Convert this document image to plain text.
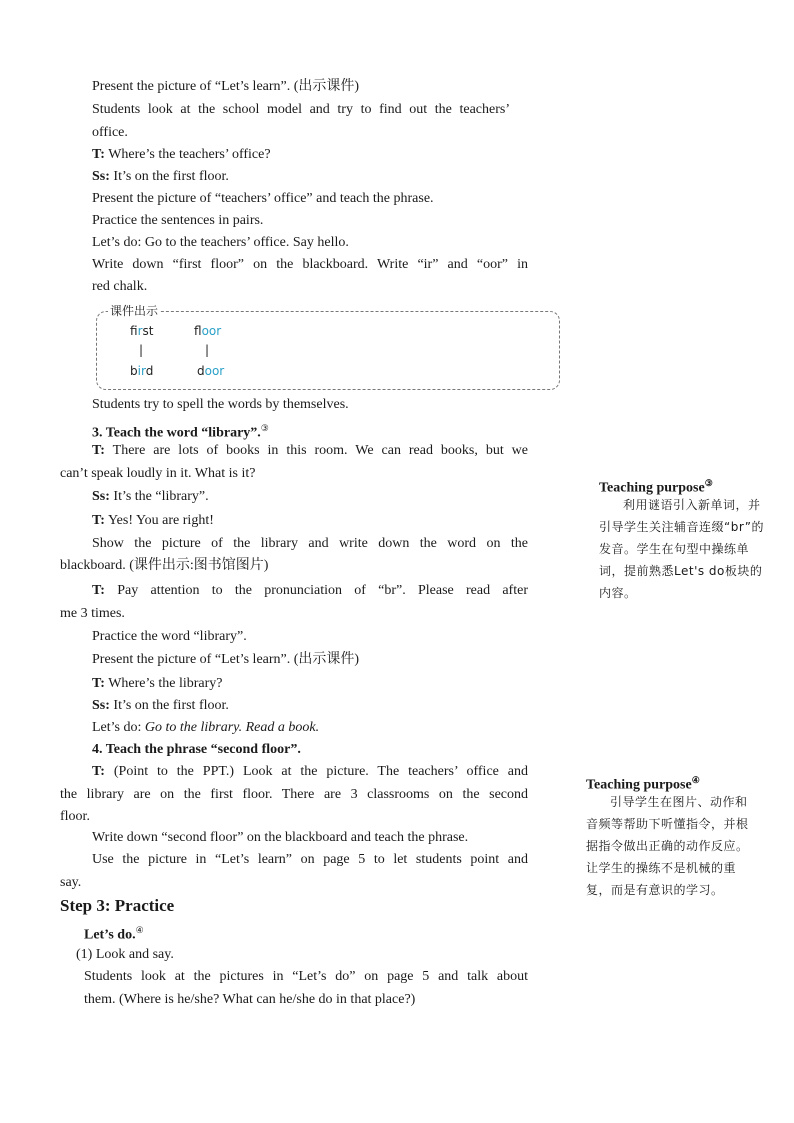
Present the picture of “Let’s learn”. (出示课件)
Students look at the school model and try to find out the teachers’
office.
T: Where’s the teachers’ office?
Ss: It’s on the first floor.
Present the picture of “teachers’ office” and teach the phrase.
Practice the sentences in pairs.
Let’s do: Go to the teachers’ office. Say hello.
Write down “first floor” on the blackboard. Write “ir” and “oor” in
red chalk.
课件出示
first	floor
|	|
bird	door
Students try to spell the words by themselves.
3. Teach the word “library”.③
T: There are lots of books in this room. We can read books, but we
can’t speak loudly in it. What is it?
Ss: It’s the “library”.
T: Yes! You are right!
Show the picture of the library and write down the word on the
blackboard. (课件出示:图书馆图片)
T: Pay attention to the pronunciation of “br”. Please read after
me 3 times.
Practice the word “library”.
Present the picture of “Let’s learn”. (出示课件)
T: Where’s the library?
Ss: It’s on the first floor.
Let’s do: Go to the library. Read a book.
4. Teach the phrase “second floor”.
T: (Point to the PPT.) Look at the picture. The teachers’ office and
the library are on the first floor. There are 3 classrooms on the second
floor.
Write down “second floor” on the blackboard and teach the phrase.
Use the picture in “Let’s learn” on page 5 to let students point and
say.
Step 3: Practice
Let’s do.④
(1) Look and say.
Students look at the pictures in “Let’s do” on page 5 and talk about
them. (Where is he/she? What can he/she do in that place?)
Teaching purpose③
利用谜语引入新单词，并引导学生关注辅音连缀“br”的发音。学生在句型中操练单词，提前熟悉Let's do板块的内容。
Teaching purpose④
引导学生在图片、动作和音频等帮助下听懂指令，并根据指令做出正确的动作反应。让学生的操练不是机械的重复，而是有意识的学习。
